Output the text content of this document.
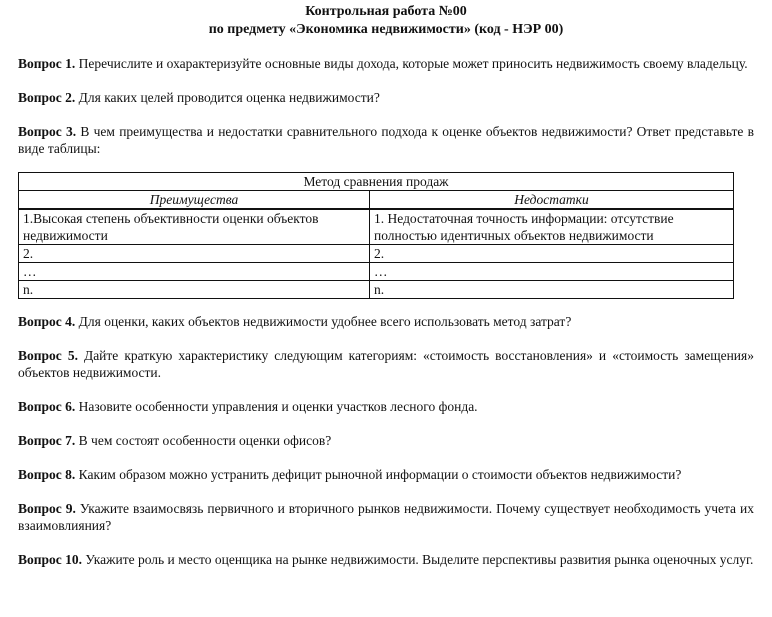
Контрольная работа №00

по предмету «Экономика недвижимости» (код - НЭР 00)

Вопрос 1. Перечислите и охарактеризуйте основные виды дохода, которые может приносить недвижимость своему владельцу.

Вопрос 2. Для каких целей проводится оценка недвижимости?

Вопрос 3. В чем преимущества и недостатки сравнительного подхода к оценке объектов недвижимости? Ответ представьте в виде таблицы:

Метод сравнения продаж	
Преимущества	Недостатки
1.Высокая степень объективности оценки объектов недвижимости	1. Недостаточная точность информации: отсутствие полностью идентичных объектов недвижимости
2.	2.
…	…
n.	n.

Вопрос 4. Для оценки, каких объектов недвижимости удобнее всего использовать метод затрат?

Вопрос 5. Дайте краткую характеристику следующим категориям: «стоимость восстановления» и «стоимость замещения» объектов недвижимости.

Вопрос 6. Назовите особенности управления и оценки участков лесного фонда.

Вопрос 7. В чем состоят особенности оценки офисов?

Вопрос 8. Каким образом можно устранить дефицит рыночной информации о стоимости объектов недвижимости?

Вопрос 9. Укажите взаимосвязь первичного и вторичного рынков недвижимости. Почему существует необходимость учета их взаимовлияния?

Вопрос 10. Укажите роль и место оценщика на рынке недвижимости. Выделите перспективы развития рынка оценочных услуг.
